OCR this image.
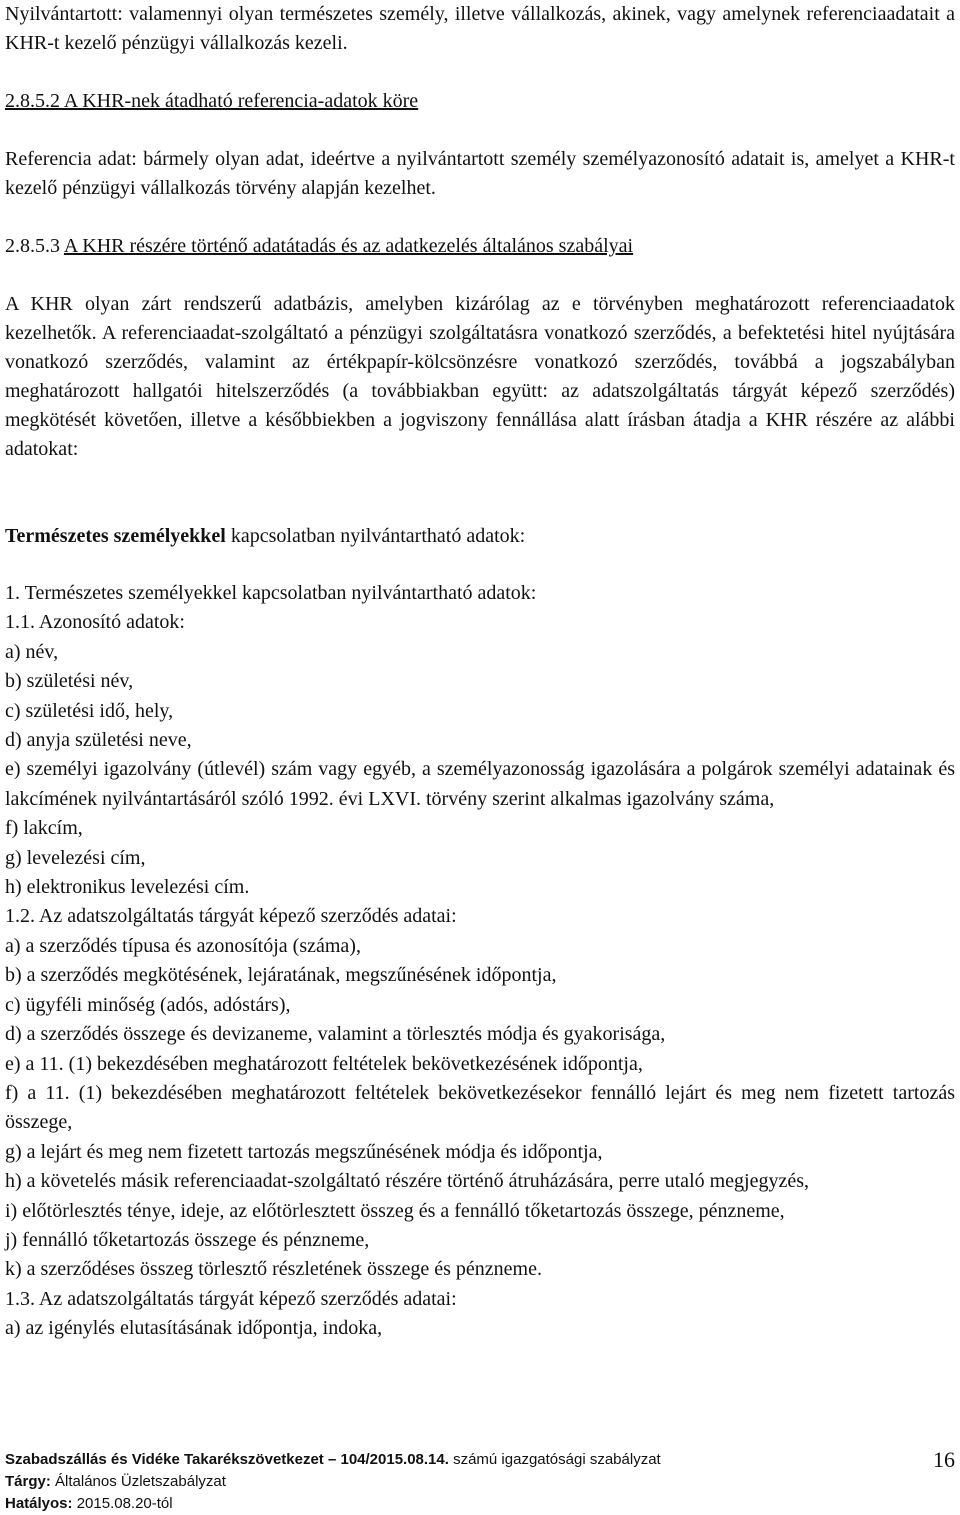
Nyilvántartott: valamennyi olyan természetes személy, illetve vállalkozás, akinek, vagy amelynek referenciaadatait a KHR-t kezelő pénzügyi vállalkozás kezeli.

2.8.5.2 A KHR-nek átadható referencia-adatok köre

Referencia adat: bármely olyan adat, ideértve a nyilvántartott személy személyazonosító adatait is, amelyet a KHR-t kezelő pénzügyi vállalkozás törvény alapján kezelhet.

2.8.5.3 A KHR részére történő adatátadás és az adatkezelés általános szabályai

A KHR olyan zárt rendszerű adatbázis, amelyben kizárólag az e törvényben meghatározott referenciaadatok kezelhetők. A referenciaadat-szolgáltató a pénzügyi szolgáltatásra vonatkozó szerződés, a befektetési hitel nyújtására vonatkozó szerződés, valamint az értékpapír-kölcsönzésre vonatkozó szerződés, továbbá a jogszabályban meghatározott hallgatói hitelszerződés (a továbbiakban együtt: az adatszolgáltatás tárgyát képező szerződés) megkötését követően, illetve a későbbiekben a jogviszony fennállása alatt írásban átadja a KHR részére az alábbi adatokat:

Természetes személyekkel kapcsolatban nyilvántartható adatok:

1. Természetes személyekkel kapcsolatban nyilvántartható adatok:
1.1. Azonosító adatok:
a) név,
b) születési név,
c) születési idő, hely,
d) anyja születési neve,
e) személyi igazolvány (útlevél) szám vagy egyéb, a személyazonosság igazolására a polgárok személyi adatainak és lakcímének nyilvántartásáról szóló 1992. évi LXVI. törvény szerint alkalmas igazolvány száma,
f) lakcím,
g) levelezési cím,
h) elektronikus levelezési cím.
1.2. Az adatszolgáltatás tárgyát képező szerződés adatai:
a) a szerződés típusa és azonosítója (száma),
b) a szerződés megkötésének, lejáratának, megszűnésének időpontja,
c) ügyféli minőség (adós, adóstárs),
d) a szerződés összege és devizaneme, valamint a törlesztés módja és gyakorisága,
e) a 11. (1) bekezdésében meghatározott feltételek bekövetkezésének időpontja,
f) a 11. (1) bekezdésében meghatározott feltételek bekövetkezésekor fennálló lejárt és meg nem fizetett tartozás összege,
g) a lejárt és meg nem fizetett tartozás megszűnésének módja és időpontja,
h) a követelés másik referenciaadat-szolgáltató részére történő átruházására, perre utaló megjegyzés,
i) előtörlesztés ténye, ideje, az előtörlesztett összeg és a fennálló tőketartozás összege, pénzneme,
j) fennálló tőketartozás összege és pénzneme,
k) a szerződéses összeg törlesztő részletének összege és pénzneme.
1.3. Az adatszolgáltatás tárgyát képező szerződés adatai:
a) az igénylés elutasításának időpontja, indoka,
Szabadszállás és Vidéke Takarékszövetkezet – 104/2015.08.14. számú igazgatósági szabályzat
Tárgy: Általános Üzletszabályzat
Hatályos: 2015.08.20-tól
16
